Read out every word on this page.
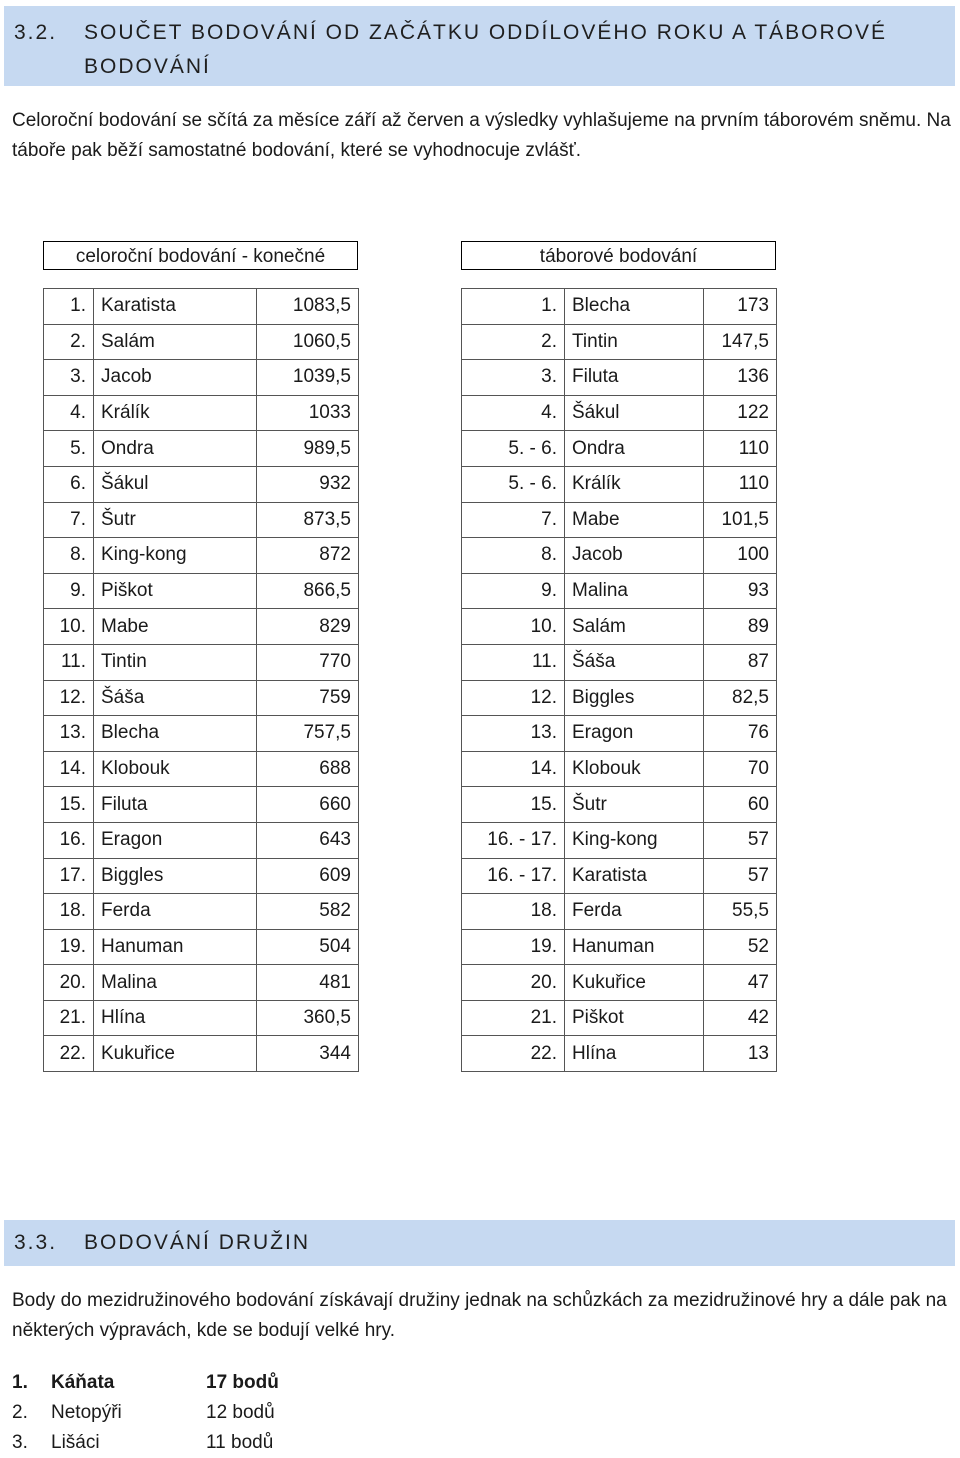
3.2. SOUČET BODOVÁNÍ OD ZAČÁTKU ODDÍLOVÉHO ROKU A TÁBOROVÉ BODOVÁNÍ

Celoroční bodování se sčítá za měsíce září až červen a výsledky vyhlašujeme na prvním táborovém sněmu. Na táboře pak běží samostatné bodování, které se vyhodnocuje zvlášť.

celoroční bodování - konečné	táborové bodování
1.	Karatista	1083,5
2.	Salám	1060,5
3.	Jacob	1039,5
4.	Králík	1033
5.	Ondra	989,5
6.	Šákul	932
7.	Šutr	873,5
8.	King-kong	872
9.	Piškot	866,5
10.	Mabe	829
11.	Tintin	770
12.	Šáša	759
13.	Blecha	757,5
14.	Klobouk	688
15.	Filuta	660
16.	Eragon	643
17.	Biggles	609
18.	Ferda	582
19.	Hanuman	504
20.	Malina	481
21.	Hlína	360,5
22.	Kukuřice	344
1.	Blecha	173
2.	Tintin	147,5
3.	Filuta	136
4.	Šákul	122
5. - 6.	Ondra	110
5. - 6.	Králík	110
7.	Mabe	101,5
8.	Jacob	100
9.	Malina	93
10.	Salám	89
11.	Šáša	87
12.	Biggles	82,5
13.	Eragon	76
14.	Klobouk	70
15.	Šutr	60
16. - 17.	King-kong	57
16. - 17.	Karatista	57
18.	Ferda	55,5
19.	Hanuman	52
20.	Kukuřice	47
21.	Piškot	42
22.	Hlína	13
3.3. BODOVÁNÍ DRUŽIN

Body do mezidružinového bodování získávají družiny jednak na schůzkách za mezidružinové hry a dále pak na některých výpravách, kde se bodují velké hry.

1. Káňata	17 bodů
2. Netopýři	12 bodů
3. Lišáci	11 bodů
